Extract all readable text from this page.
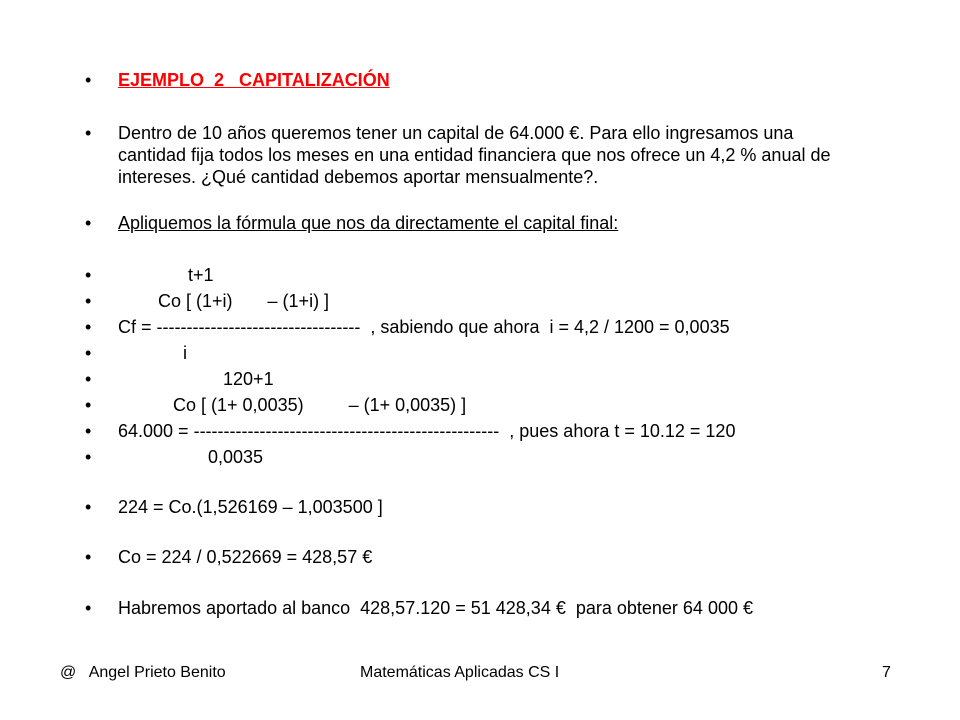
•	EJEMPLO  2   CAPITALIZACIÓN
•	Dentro de 10 años queremos tener un capital de 64.000 €. Para ello ingresamos una cantidad fija todos los meses en una entidad financiera que nos ofrece un 4,2 % anual de intereses. ¿Qué cantidad debemos aportar mensualmente?.
•	Apliquemos la fórmula que nos da directamente el capital final:
•	t+1
•	Co [ (1+i)       – (1+i) ]
•	Cf = ----------------------------------  , sabiendo que ahora  i = 4,2 / 1200 = 0,0035
•	i
•	120+1
•	Co [ (1+ 0,0035)         – (1+ 0,0035) ]
•	64.000 = ---------------------------------------------------  , pues ahora t = 10.12 = 120
•	0,0035
•	224 = Co.(1,526169 – 1,003500 ]
•	Co = 224 / 0,522669 = 428,57 €
•	Habremos aportado al banco  428,57.120 = 51 428,34 €  para obtener 64 000 €
@   Angel Prieto Benito	Matemáticas Aplicadas CS I	7
